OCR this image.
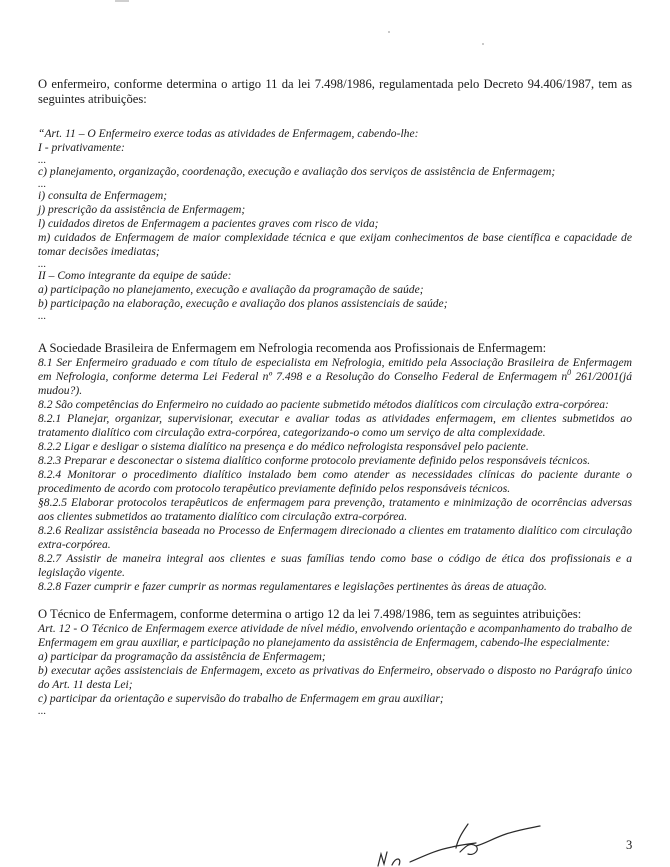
O enfermeiro, conforme determina o artigo 11 da lei 7.498/1986, regulamentada pelo Decreto 94.406/1987, tem as seguintes atribuições:

“Art. 11 – O Enfermeiro exerce todas as atividades de Enfermagem, cabendo-lhe:

I - privativamente:

...

c) planejamento, organização, coordenação, execução e avaliação dos serviços de assistência de Enfermagem;

...

i) consulta de Enfermagem;

j) prescrição da assistência de Enfermagem;

l) cuidados diretos de Enfermagem a pacientes graves com risco de vida;

m) cuidados de Enfermagem de maior complexidade técnica e que exijam conhecimentos de base científica e capacidade de tomar decisões imediatas;

...

II – Como integrante da equipe de saúde:

a) participação no planejamento, execução e avaliação da programação de saúde;

b) participação na elaboração, execução e avaliação dos planos assistenciais de saúde;

...

A Sociedade Brasileira de Enfermagem em Nefrologia recomenda aos Profissionais de Enfermagem:

8.1 Ser Enfermeiro graduado e com título de especialista em Nefrologia, emitido pela Associação Brasileira de Enfermagem em Nefrologia, conforme determa Lei Federal nº 7.498 e a Resolução do Conselho Federal de Enfermagem $n^0$ 261/2001(já mudou?).

8.2 São competências do Enfermeiro no cuidado ao paciente submetido métodos dialíticos com circulação extra-corpórea:

8.2.1 Planejar, organizar, supervisionar, executar e avaliar todas as atividades enfermagem, em clientes submetidos ao tratamento dialítico com circulação extra-corpórea, categorizando-o como um serviço de alta complexidade.

8.2.2 Ligar e desligar o sistema dialítico na presença e do médico nefrologista responsável pelo paciente.

8.2.3 Preparar e desconectar o sistema dialítico conforme protocolo previamente definido pelos responsáveis técnicos.

8.2.4 Monitorar o procedimento dialítico instalado bem como atender as necessidades clínicas do paciente durante o procedimento de acordo com protocolo terapêutico previamente definido pelos responsáveis técnicos.

§8.2.5 Elaborar protocolos terapêuticos de enfermagem para prevenção, tratamento e minimização de ocorrências adversas aos clientes submetidos ao tratamento dialítico com circulação extra-corpórea.

8.2.6 Realizar assistência baseada no Processo de Enfermagem direcionado a clientes em tratamento dialítico com circulação extra-corpórea.

8.2.7 Assistir de maneira integral aos clientes e suas famílias tendo como base o código de ética dos profissionais e a legislação vigente.

8.2.8 Fazer cumprir e fazer cumprir as normas regulamentares e legislações pertinentes às áreas de atuação.

O Técnico de Enfermagem, conforme determina o artigo 12 da lei 7.498/1986, tem as seguintes atribuições:

Art. 12 - O Técnico de Enfermagem exerce atividade de nível médio, envolvendo orientação e acompanhamento do trabalho de Enfermagem em grau auxiliar, e participação no planejamento da assistência de Enfermagem, cabendo-lhe especialmente:

a) participar da programação da assistência de Enfermagem;

b) executar ações assistenciais de Enfermagem, exceto as privativas do Enfermeiro, observado o disposto no Parágrafo único do Art. 11 desta Lei;

c) participar da orientação e supervisão do trabalho de Enfermagem em grau auxiliar;

...

3
